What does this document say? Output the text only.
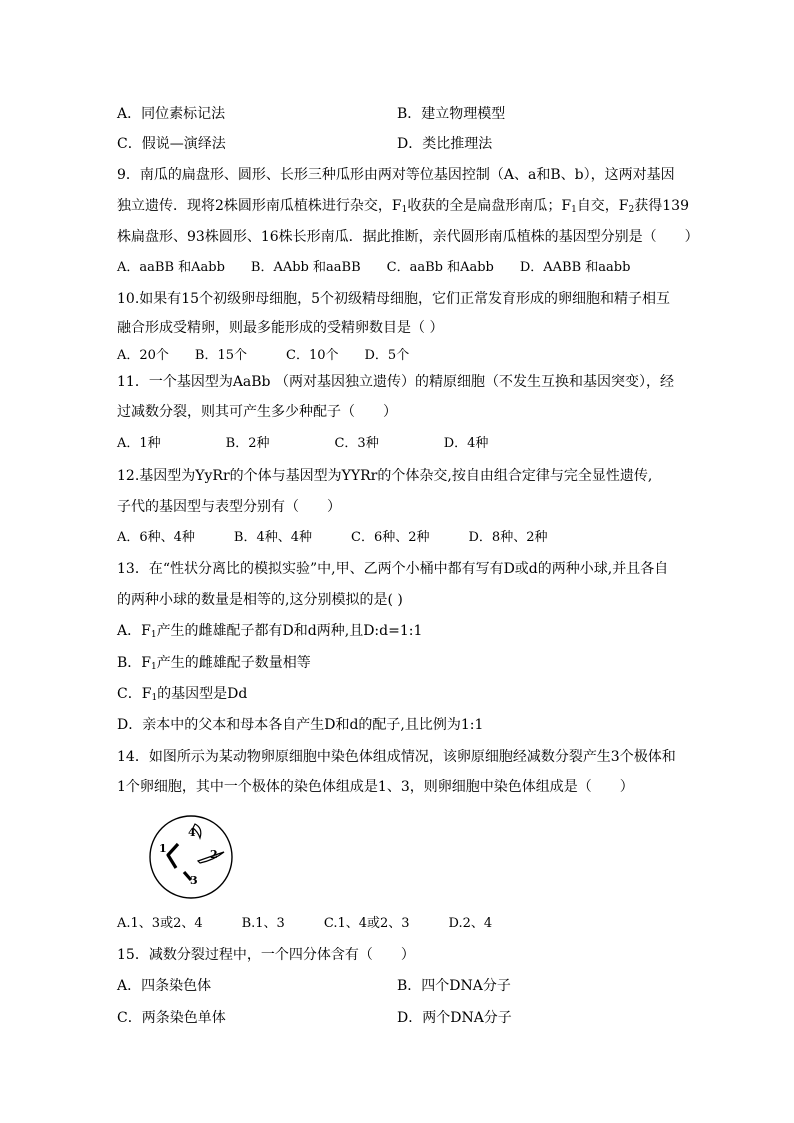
A．同位素标记法	B．建立物理模型
C．假说—演绎法	D．类比推理法
9．南瓜的扁盘形、圆形、长形三种瓜形由两对等位基因控制（A、a和B、b），这两对基因
独立遗传．现将2株圆形南瓜植株进行杂交，$F_1$收获的全是扁盘形南瓜；$F_1$自交，$F_2$获得139
株扁盘形、93株圆形、16株长形南瓜．据此推断，亲代圆形南瓜植株的基因型分别是（　　）
A．aaBB 和Aabb　　B．AAbb 和aaBB　　C．aaBb 和Aabb　　D．AABB 和aabb
10.如果有15个初级卵母细胞，5个初级精母细胞，它们正常发育形成的卵细胞和精子相互
融合形成受精卵，则最多能形成的受精卵数目是（ ）
A．20个　　B．15个　　　C．10个　　D．5个
11．一个基因型为AaBb （两对基因独立遗传）的精原细胞（不发生互换和基因突变），经
过减数分裂，则其可产生多少种配子（　　）
A．1种　　　　　B．2种　　　　　C．3种　　　　　D．4种
12.基因型为YyRr的个体与基因型为YYRr的个体杂交,按自由组合定律与完全显性遗传,
子代的基因型与表型分别有（　　）
A．6种、4种　　　B．4种、4种　　　C．6种、2种　　　D．8种、2种
13．在“性状分离比的模拟实验”中,甲、乙两个小桶中都有写有D或d的两种小球,并且各自
的两种小球的数量是相等的,这分别模拟的是( )
A．$F_1$产生的雌雄配子都有D和d两种,且D:d=1:1
B．$F_1$产生的雌雄配子数量相等
C．$F_1$的基因型是Dd
D．亲本中的父本和母本各自产生D和d的配子,且比例为1:1
14．如图所示为某动物卵原细胞中染色体组成情况，该卵原细胞经减数分裂产生3个极体和
1个卵细胞，其中一个极体的染色体组成是1、3，则卵细胞中染色体组成是（　　）
1
4
2
3
A.1、3或2、4　　　B.1、3　　　C.1、4或2、3　　　D.2、4
15．减数分裂过程中，一个四分体含有（　　）
A．四条染色体	B．四个DNA分子
C．两条染色单体	D．两个DNA分子
